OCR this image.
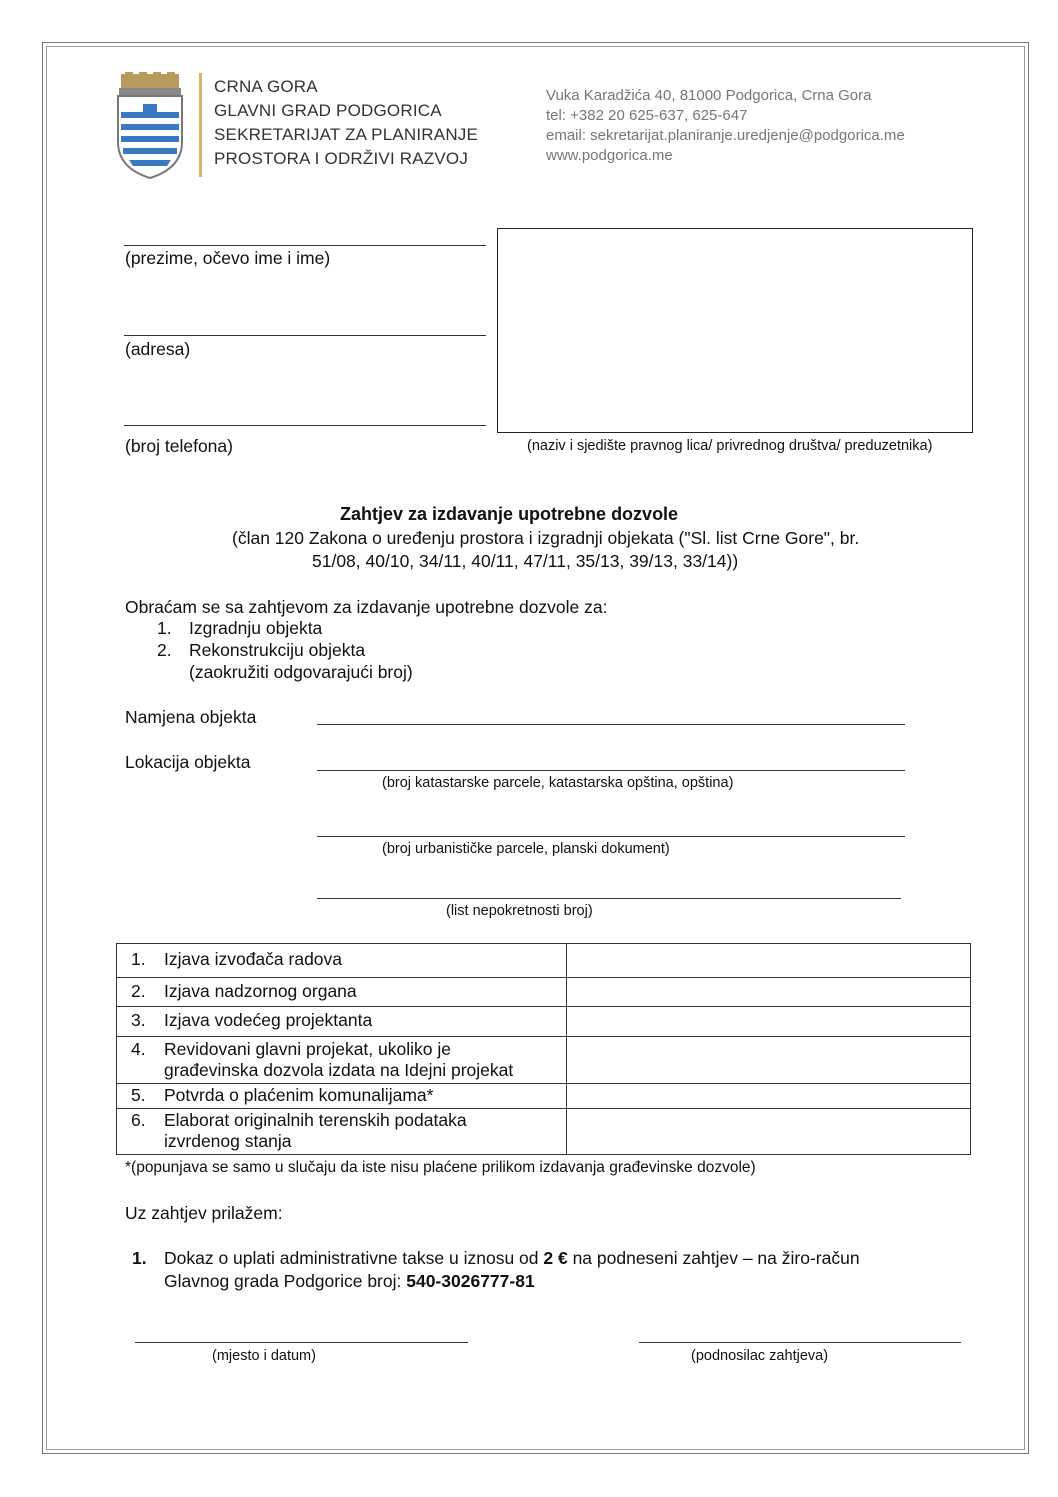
CRNA GORA
GLAVNI GRAD PODGORICA
SEKRETARIJAT ZA PLANIRANJE
PROSTORA I ODRŽIVI RAZVOJ
Vuka Karadžića 40, 81000 Podgorica, Crna Gora
tel: +382 20 625-637, 625-647
email: sekretarijat.planiranje.uredjenje@podgorica.me
www.podgorica.me
(prezime, očevo ime i ime)
(adresa)
(broj telefona)	(naziv i sjedište pravnog lica/ privrednog društva/ preduzetnika)
Zahtjev za izdavanje upotrebne dozvole
(član 120 Zakona o uređenju prostora i izgradnji objekata ("Sl. list Crne Gore", br.
51/08, 40/10, 34/11, 40/11, 47/11, 35/13, 39/13, 33/14))
Obraćam se sa zahtjevom za izdavanje upotrebne dozvole za:
1. Izgradnju objekta
2. Rekonstrukciju objekta
(zaokružiti odgovarajući broj)
Namjena objekta
Lokacija objekta
(broj katastarske parcele, katastarska opština, opština)
(broj urbanističke parcele, planski dokument)
(list nepokretnosti broj)
1. Izjava izvođača radova	

2. Izjava nadzornog organa	

3. Izjava vodećeg projektanta	

4. Revidovani glavni projekat, ukoliko je
građevinska dozvola izdata na Idejni projekat	

5. Potvrda o plaćenim komunalijama*	

6. Elaborat originalnih terenskih podataka
izvrdenog stanja	

*(popunjava se samo u slučaju da iste nisu plaćene prilikom izdavanja građevinske dozvole)
Uz zahtjev prilažem:
1. Dokaz o uplati administrativne takse u iznosu od 2 € na podneseni zahtjev – na žiro-račun
Glavnog grada Podgorice broj: 540-3026777-81
(mjesto i datum)	(podnosilac zahtjeva)
